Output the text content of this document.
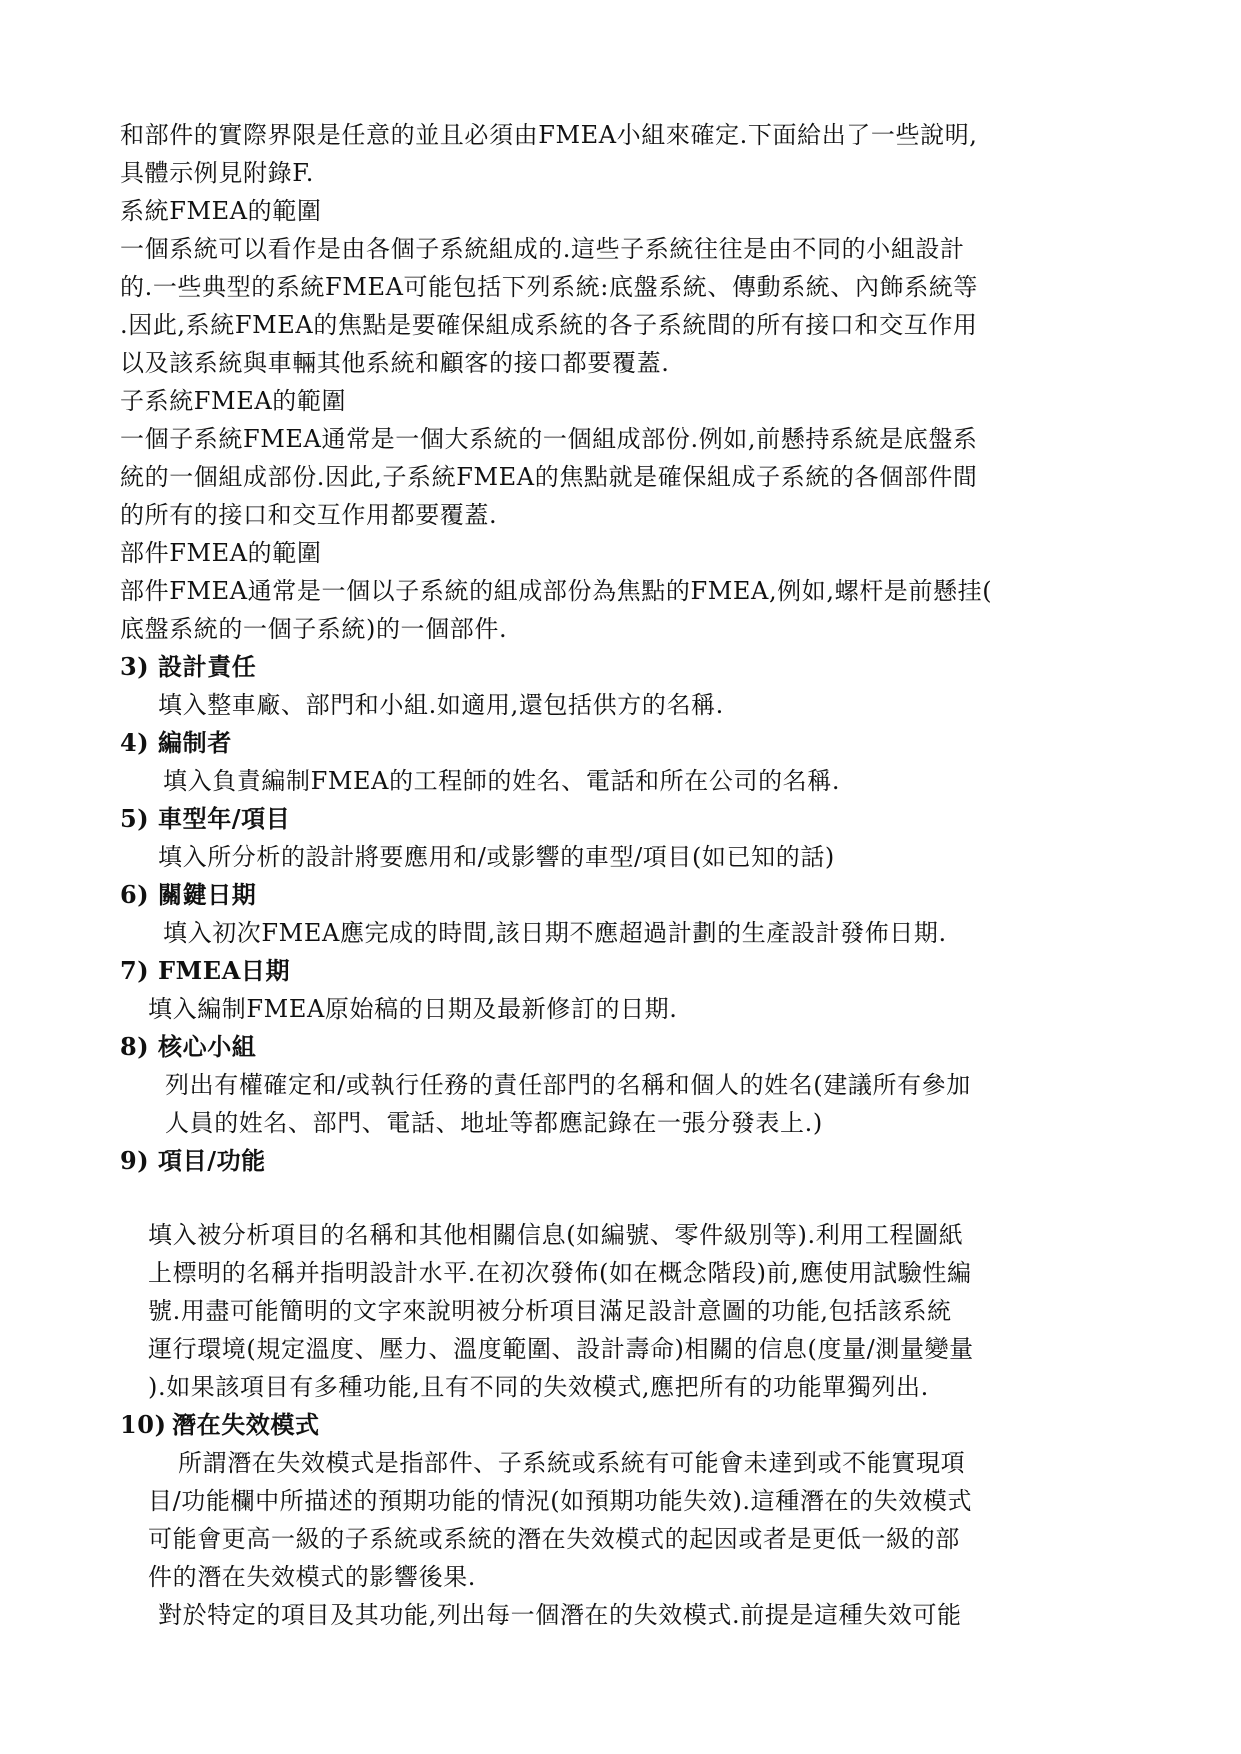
和部件的實際界限是任意的並且必須由FMEA小組來確定.下面給出了一些說明,
具體示例見附錄F.
系統FMEA的範圍
一個系統可以看作是由各個子系統組成的.這些子系統往往是由不同的小組設計
的.一些典型的系統FMEA可能包括下列系統:底盤系統、傳動系統、內飾系統等
.因此,系統FMEA的焦點是要確保組成系統的各子系統間的所有接口和交互作用
以及該系統與車輛其他系統和顧客的接口都要覆蓋.
子系統FMEA的範圍
一個子系統FMEA通常是一個大系統的一個組成部份.例如,前懸持系統是底盤系
統的一個組成部份.因此,子系統FMEA的焦點就是確保組成子系統的各個部件間
的所有的接口和交互作用都要覆蓋.
部件FMEA的範圍
部件FMEA通常是一個以子系統的組成部份為焦點的FMEA,例如,螺杆是前懸挂(
底盤系統的一個子系統)的一個部件.
3) 設計責任
填入整車廠、部門和小組.如適用,還包括供方的名稱.
4) 編制者
填入負責編制FMEA的工程師的姓名、電話和所在公司的名稱.
5) 車型年/項目
填入所分析的設計將要應用和/或影響的車型/項目(如已知的話)
6) 關鍵日期
填入初次FMEA應完成的時間,該日期不應超過計劃的生產設計發佈日期.
7) FMEA日期
填入編制FMEA原始稿的日期及最新修訂的日期.
8) 核心小組
列出有權確定和/或執行任務的責任部門的名稱和個人的姓名(建議所有參加
人員的姓名、部門、電話、地址等都應記錄在一張分發表上.)
9) 項目/功能
填入被分析項目的名稱和其他相關信息(如編號、零件級別等).利用工程圖紙
上標明的名稱并指明設計水平.在初次發佈(如在概念階段)前,應使用試驗性編
號.用盡可能簡明的文字來說明被分析項目滿足設計意圖的功能,包括該系統
運行環境(規定溫度、壓力、溫度範圍、設計壽命)相關的信息(度量/測量變量
).如果該項目有多種功能,且有不同的失效模式,應把所有的功能單獨列出.
10) 潛在失效模式
所謂潛在失效模式是指部件、子系統或系統有可能會未達到或不能實現項
目/功能欄中所描述的預期功能的情況(如預期功能失效).這種潛在的失效模式
可能會更高一級的子系統或系統的潛在失效模式的起因或者是更低一級的部
件的潛在失效模式的影響後果.
對於特定的項目及其功能,列出每一個潛在的失效模式.前提是這種失效可能
